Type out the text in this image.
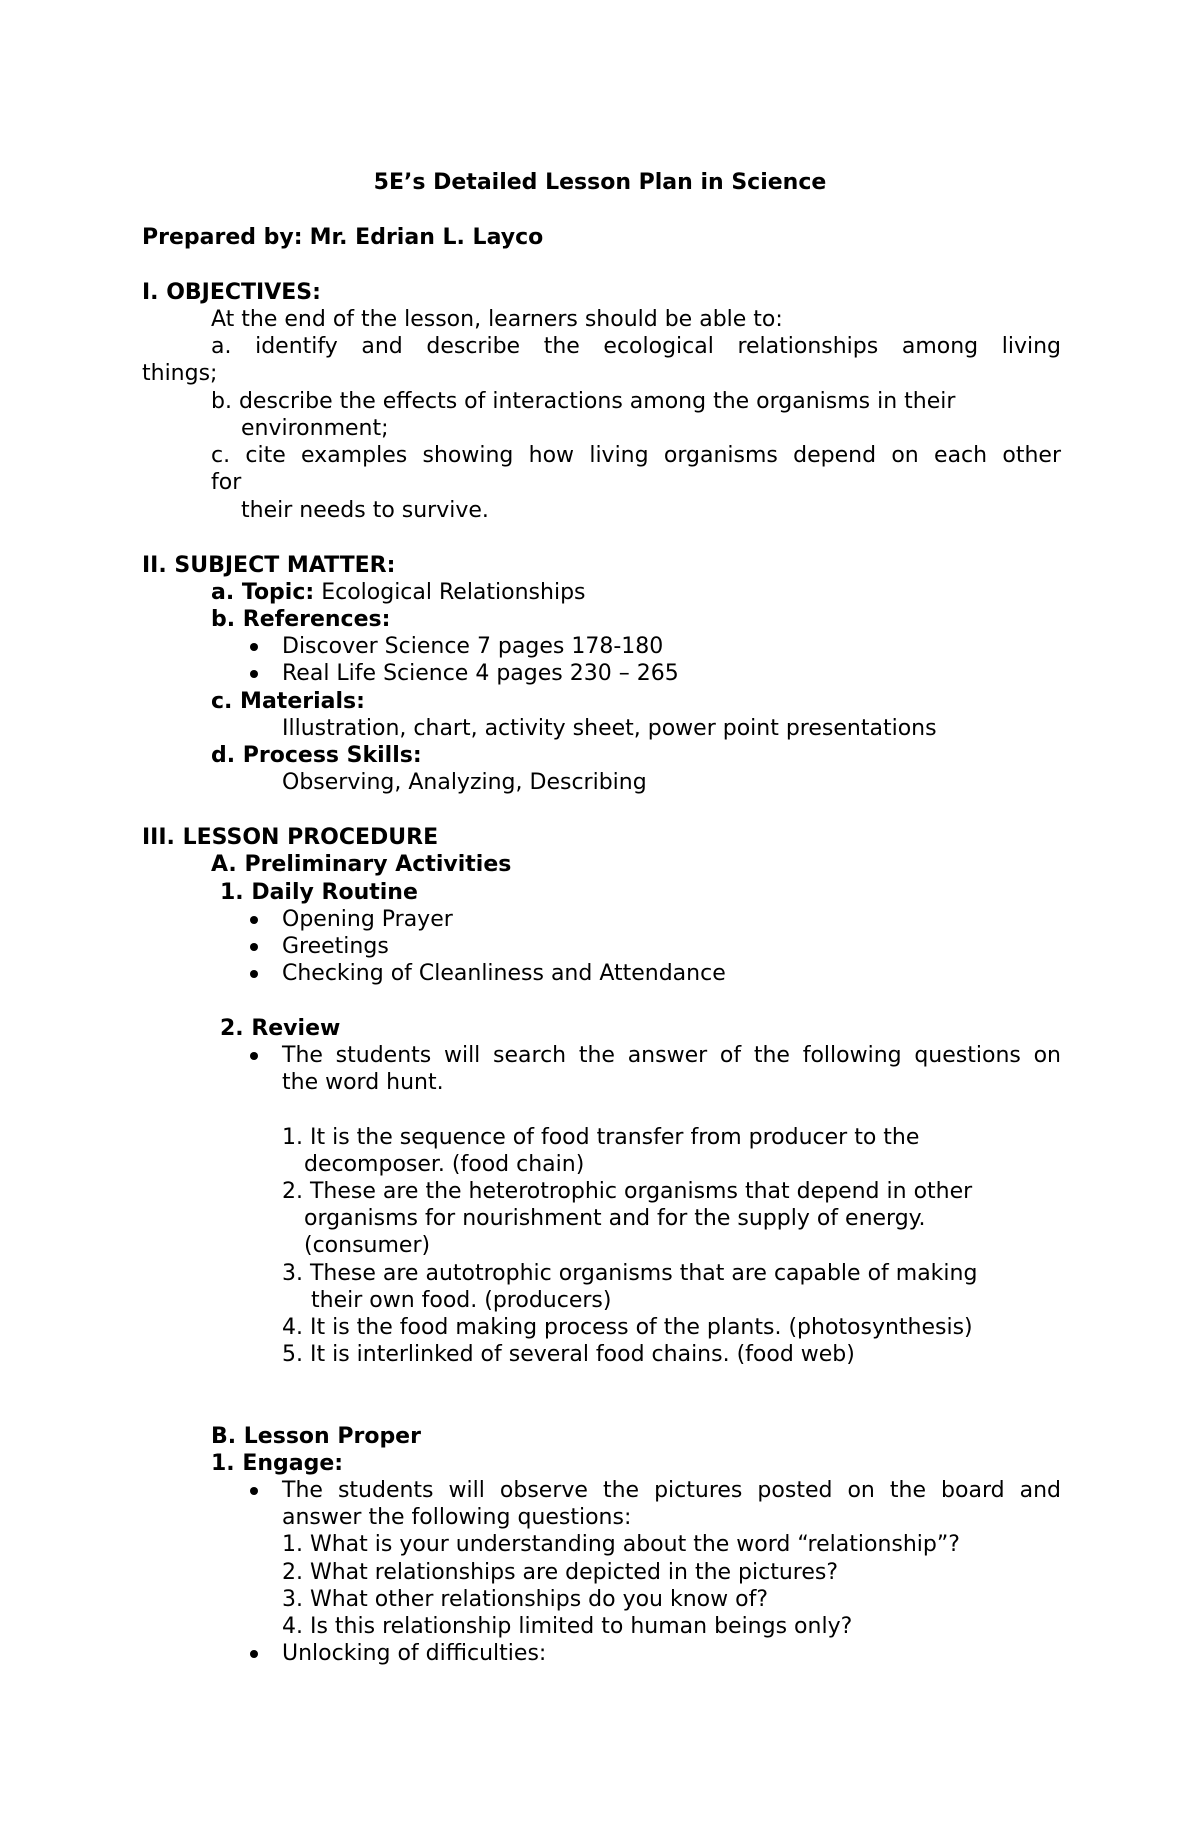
5E’s Detailed Lesson Plan in Science
Prepared by: Mr. Edrian L. Layco
I. OBJECTIVES:
At the end of the lesson, learners should be able to:
a. identify and describe the ecological relationships among living
things;
b. describe the effects of interactions among the organisms in their
environment;
c. cite examples showing how living organisms depend on each other
for
their needs to survive.
II. SUBJECT MATTER:
a. Topic: Ecological Relationships
b. References:
Discover Science 7 pages 178-180
Real Life Science 4 pages 230 – 265
c. Materials:
Illustration, chart, activity sheet, power point presentations
d. Process Skills:
Observing, Analyzing, Describing
III. LESSON PROCEDURE
A. Preliminary Activities
1. Daily Routine
Opening Prayer
Greetings
Checking of Cleanliness and Attendance
2. Review
The students will search the answer of the following questions on
the word hunt.
1. It is the sequence of food transfer from producer to the
decomposer. (food chain)
2. These are the heterotrophic organisms that depend in other
organisms for nourishment and for the supply of energy.
(consumer)
3. These are autotrophic organisms that are capable of making
their own food. (producers)
4. It is the food making process of the plants. (photosynthesis)
5. It is interlinked of several food chains. (food web)
B. Lesson Proper
1. Engage:
The students will observe the pictures posted on the board and
answer the following questions:
1. What is your understanding about the word “relationship”?
2. What relationships are depicted in the pictures?
3. What other relationships do you know of?
4. Is this relationship limited to human beings only?
Unlocking of difficulties:
